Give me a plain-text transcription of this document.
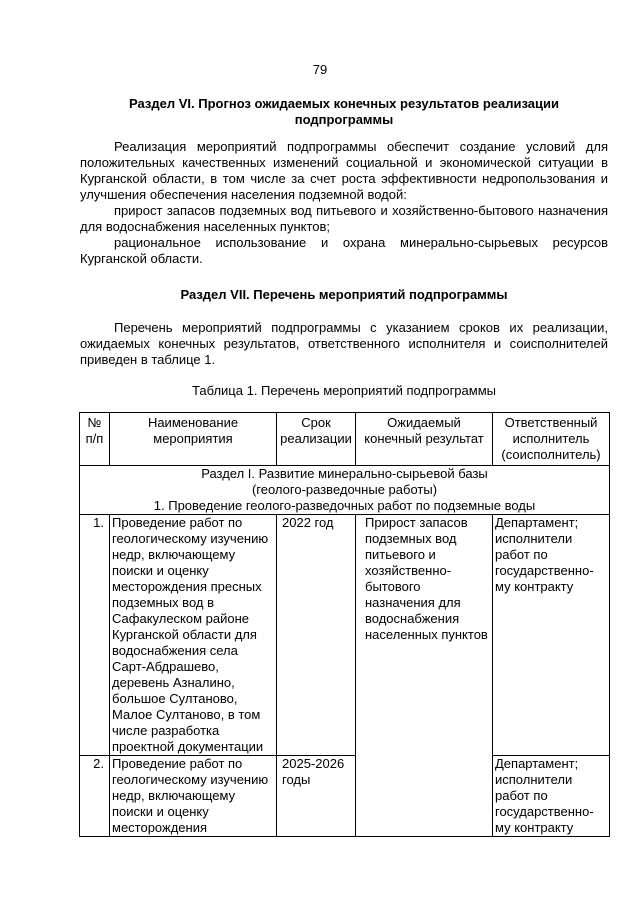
79
Раздел VI. Прогноз ожидаемых конечных результатов реализации
подпрограммы
Реализация мероприятий подпрограммы обеспечит создание условий для положительных качественных изменений социальной и экономической ситуации в Курганской области, в том числе за счет роста эффективности недропользования и улучшения обеспечения населения подземной водой:
прирост запасов подземных вод питьевого и хозяйственно-бытового назначения для водоснабжения населенных пунктов;
рациональное использование и охрана минерально-сырьевых ресурсов Курганской области.
Раздел VII. Перечень мероприятий подпрограммы
Перечень мероприятий подпрограммы с указанием сроков их реализации, ожидаемых конечных результатов, ответственного исполнителя и соисполнителей приведен в таблице 1.
Таблица 1. Перечень мероприятий подпрограммы
№ п/п	Наименование мероприятия	Срок реализации	Ожидаемый конечный результат	Ответственный исполнитель (соисполнитель)

Раздел I. Развитие минерально-сырьевой базы
(геолого-разведочные работы)
1. Проведение геолого-разведочных работ по подземные воды				

1.	Проведение работ по геологическому изучению недр, включающему поиски и оценку месторождения пресных подземных вод в Сафакулеском районе Курганской области для водоснабжения села Сарт-Абдрашево, деревень Азналино, большое Султаново, Малое Султаново, в том числе разработка проектной документации	2022 год	Прирост запасов подземных вод питьевого и хозяйственно-бытового назначения для водоснабжения населенных пунктов	Департамент; исполнители работ по государственно-му контракту
2.	Проведение работ по геологическому изучению недр, включающему поиски и оценку месторождения	2025-2026 годы		Департамент; исполнители работ по государственно-му контракту
